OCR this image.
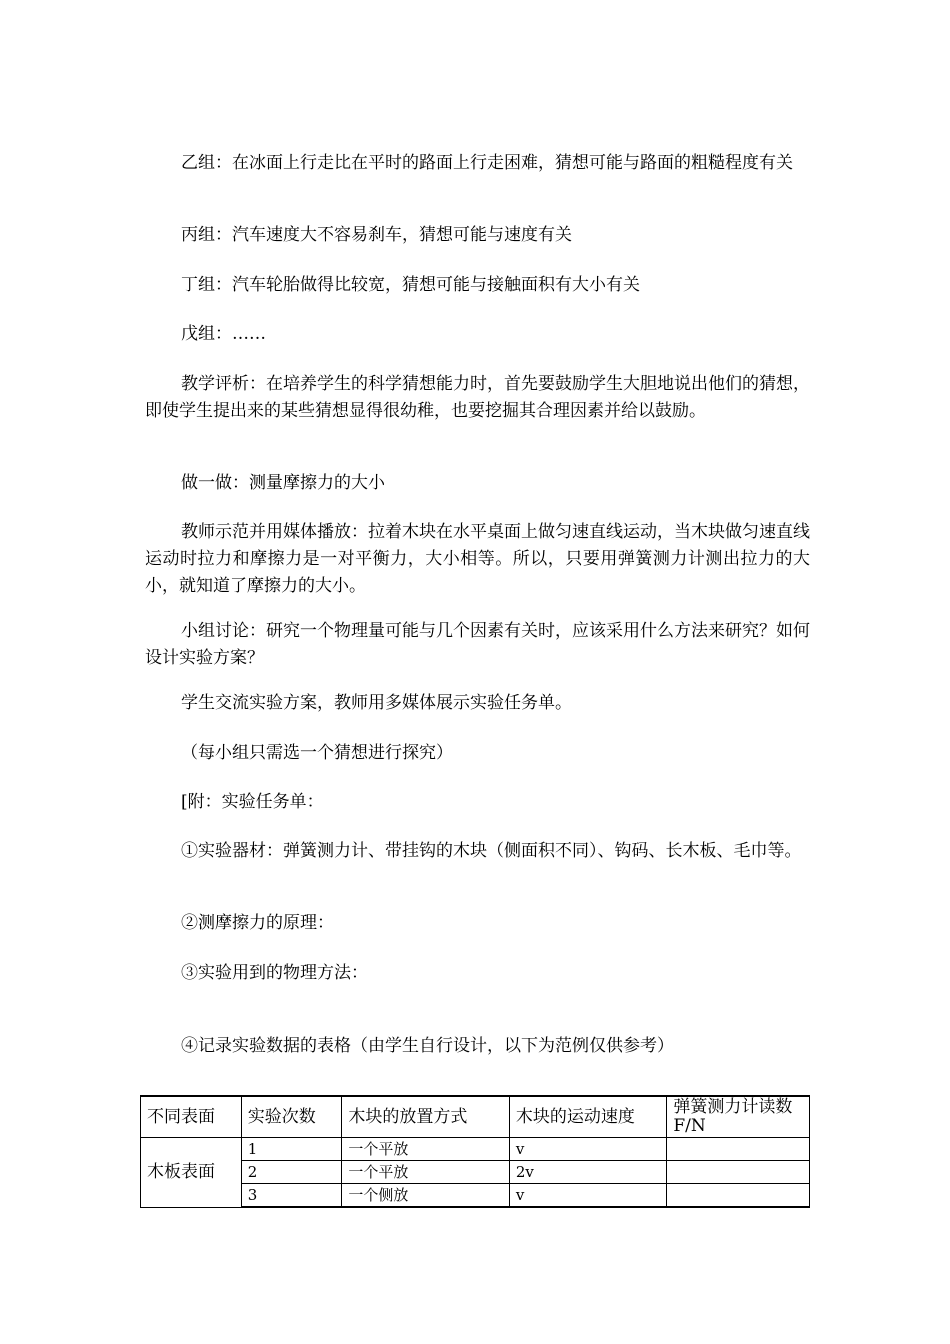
乙组：在冰面上行走比在平时的路面上行走困难，猜想可能与路面的粗糙程度有关

丙组：汽车速度大不容易刹车，猜想可能与速度有关

丁组：汽车轮胎做得比较宽，猜想可能与接触面积有大小有关

戊组：……

教学评析：在培养学生的科学猜想能力时，首先要鼓励学生大胆地说出他们的猜想，即使学生提出来的某些猜想显得很幼稚，也要挖掘其合理因素并给以鼓励。

做一做：测量摩擦力的大小

教师示范并用媒体播放：拉着木块在水平桌面上做匀速直线运动，当木块做匀速直线运动时拉力和摩擦力是一对平衡力，大小相等。所以，只要用弹簧测力计测出拉力的大小，就知道了摩擦力的大小。

小组讨论：研究一个物理量可能与几个因素有关时，应该采用什么方法来研究？如何设计实验方案？

学生交流实验方案，教师用多媒体展示实验任务单。

（每小组只需选一个猜想进行探究）

[附：实验任务单：

①实验器材：弹簧测力计、带挂钩的木块（侧面积不同）、钩码、长木板、毛巾等。

②测摩擦力的原理：

③实验用到的物理方法：

④记录实验数据的表格（由学生自行设计，以下为范例仅供参考）

不同表面	实验次数	木块的放置方式	木块的运动速度	弹簧测力计读数F/N
木板表面	1	一个平放	v	
	2	一个平放	2v	
	3	一个侧放	v	
